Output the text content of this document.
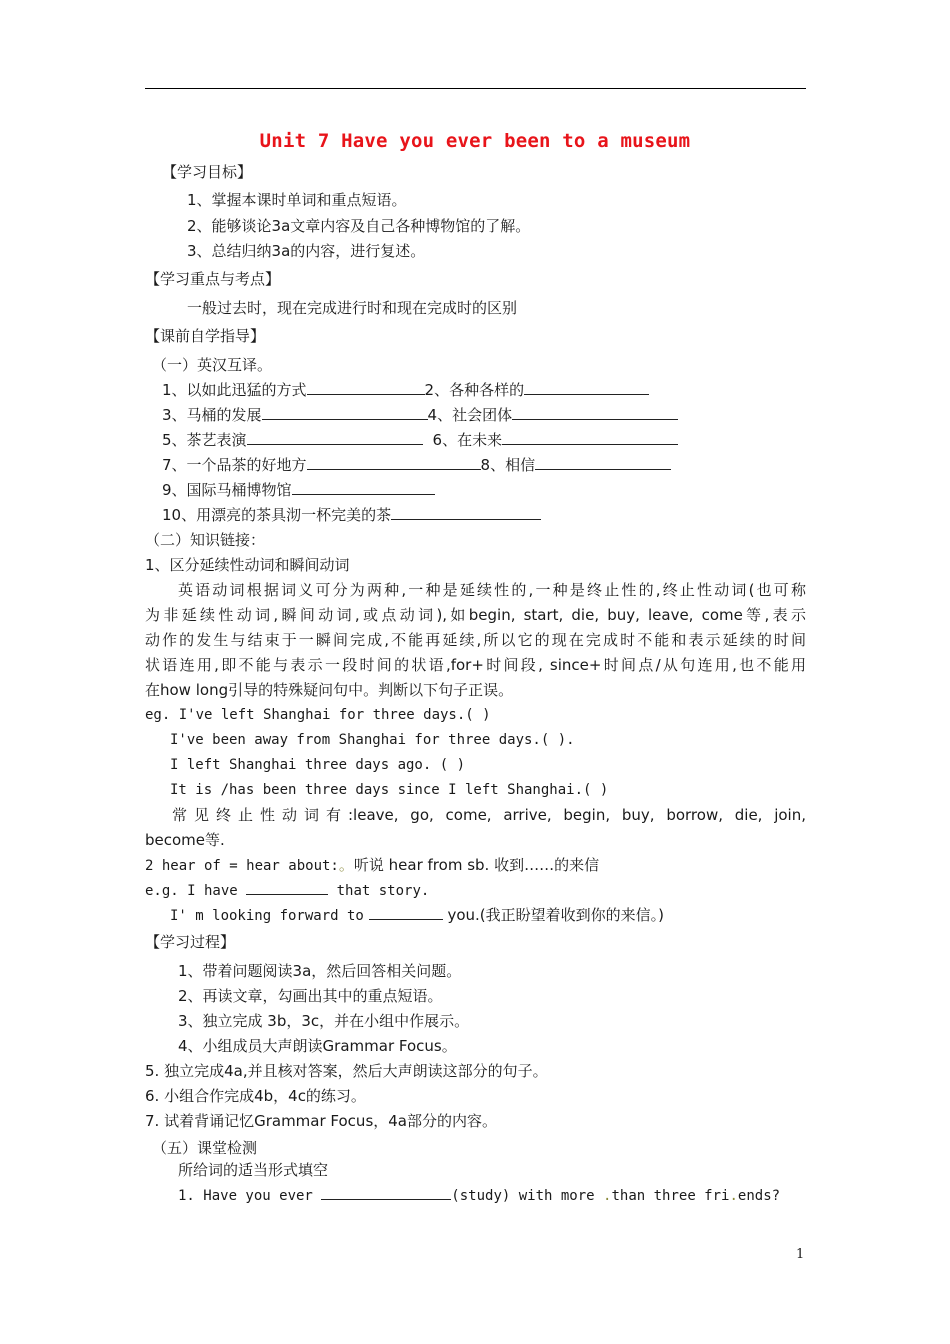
Unit 7 Have you ever been to a museum
【学习目标】
1、掌握本课时单词和重点短语。
2、能够谈论3a文章内容及自己各种博物馆的了解。
3、总结归纳3a的内容，进行复述。
【学习重点与考点】
一般过去时，现在完成进行时和现在完成时的区别
【课前自学指导】
（一）英汉互译。
1、以如此迅猛的方式	2、各种各样的
3、马桶的发展	4、社会团体
5、茶艺表演	6、在未来
7、一个品茶的好地方	8、相信
9、国际马桶博物馆
10、用漂亮的茶具沏一杯完美的茶
（二）知识链接：
1、区分延续性动词和瞬间动词
英语动词根据词义可分为两种,一种是延续性的,一种是终止性的,终止性动词(也可称
为非延续性动词,瞬间动词,或点动词),如begin, start, die, buy, leave, come等,表示
动作的发生与结束于一瞬间完成,不能再延续,所以它的现在完成时不能和表示延续的时间
状语连用,即不能与表示一段时间的状语,for+时间段, since+时间点/从句连用,也不能用
在how long引导的特殊疑问句中。判断以下句子正误。
eg. I've left Shanghai for three days.( )
I've been away from Shanghai for three days.( ).
I left Shanghai three days ago. ( )
It is /has been three days since I left Shanghai.( )
常见终止性动词有:leave, go, come, arrive, begin, buy, borrow, die, join,
become等.
2 hear of = hear about:。听说 hear from sb. 收到……的来信
e.g. I have	that story.
I' m looking forward to	you.(我正盼望着收到你的来信。)
【学习过程】
1、带着问题阅读3a，然后回答相关问题。
2、再读文章，勾画出其中的重点短语。
3、独立完成 3b，3c，并在小组中作展示。
4、小组成员大声朗读Grammar Focus。
5. 独立完成4a,并且核对答案，然后大声朗读这部分的句子。
6. 小组合作完成4b，4c的练习。
7. 试着背诵记忆Grammar Focus，4a部分的内容。
（五）课堂检测
所给词的适当形式填空
1. Have you ever	(study) with more .than three fri.ends?
1
